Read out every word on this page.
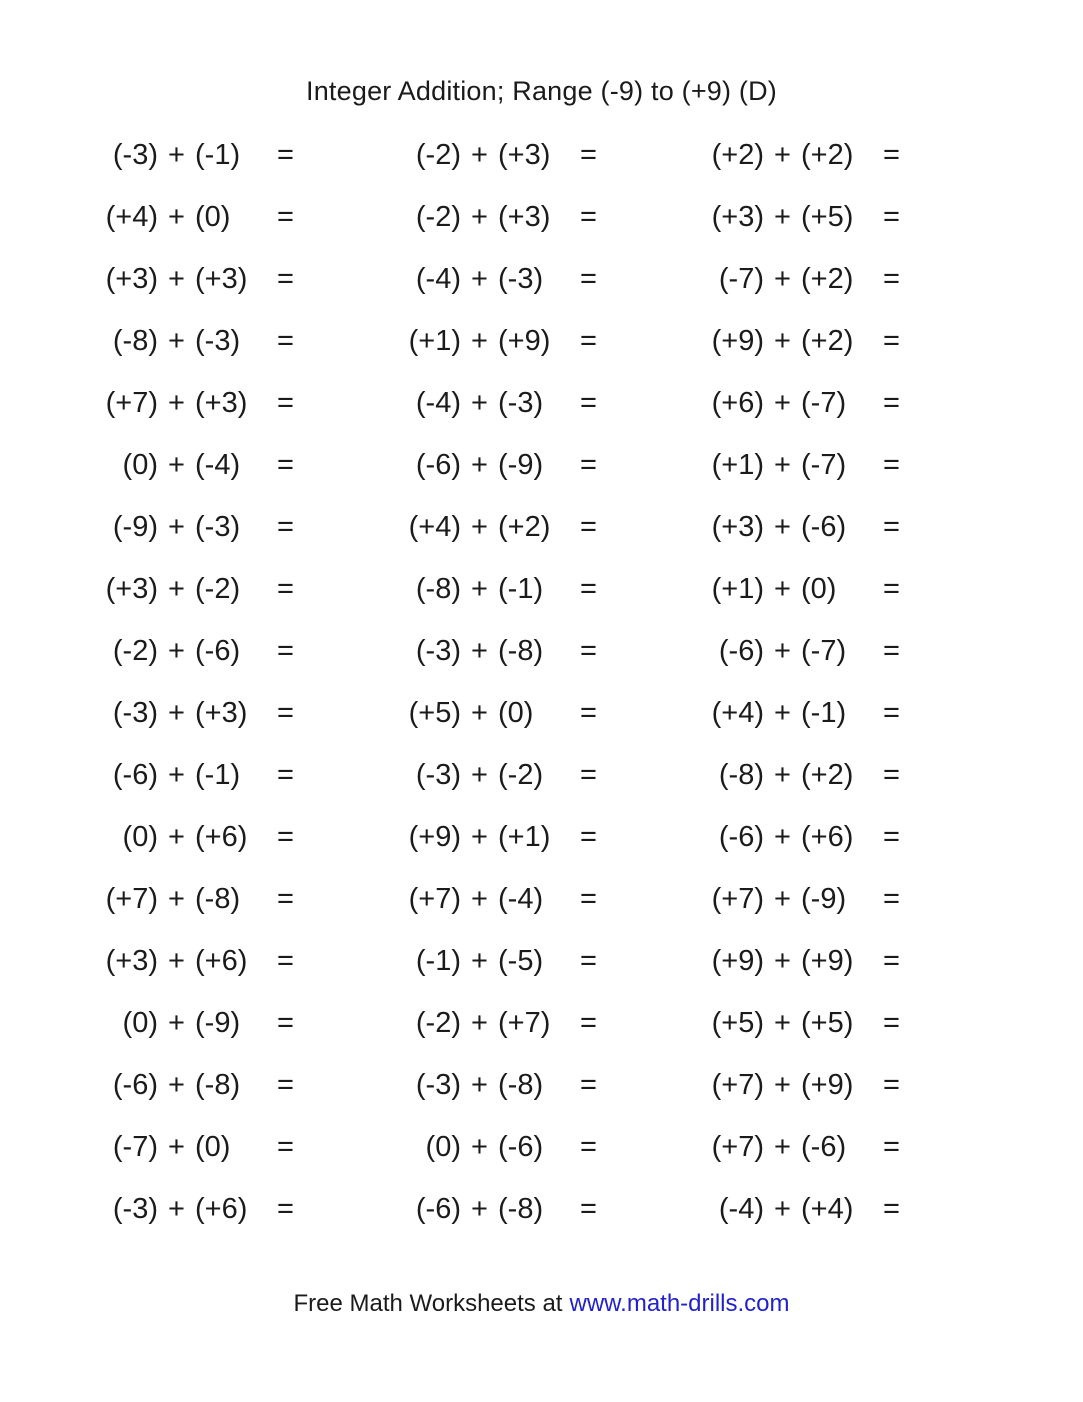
Integer Addition; Range (-9) to (+9) (D)
(-3) + (-1)	=	(-2) + (+3)	=	(+2) + (+2)	=
(+4) + (0)	=	(-2) + (+3)	=	(+3) + (+5)	=
(+3) + (+3)	=	(-4) + (-3)	=	(-7) + (+2)	=
(-8) + (-3)	=	(+1) + (+9)	=	(+9) + (+2)	=
(+7) + (+3)	=	(-4) + (-3)	=	(+6) + (-7)	=
(0) + (-4)	=	(-6) + (-9)	=	(+1) + (-7)	=
(-9) + (-3)	=	(+4) + (+2)	=	(+3) + (-6)	=
(+3) + (-2)	=	(-8) + (-1)	=	(+1) + (0)	=
(-2) + (-6)	=	(-3) + (-8)	=	(-6) + (-7)	=
(-3) + (+3)	=	(+5) + (0)	=	(+4) + (-1)	=
(-6) + (-1)	=	(-3) + (-2)	=	(-8) + (+2)	=
(0) + (+6)	=	(+9) + (+1)	=	(-6) + (+6)	=
(+7) + (-8)	=	(+7) + (-4)	=	(+7) + (-9)	=
(+3) + (+6)	=	(-1) + (-5)	=	(+9) + (+9)	=
(0) + (-9)	=	(-2) + (+7)	=	(+5) + (+5)	=
(-6) + (-8)	=	(-3) + (-8)	=	(+7) + (+9)	=
(-7) + (0)	=	(0) + (-6)	=	(+7) + (-6)	=
(-3) + (+6)	=	(-6) + (-8)	=	(-4) + (+4)	=
Free Math Worksheets at www.math-drills.com
